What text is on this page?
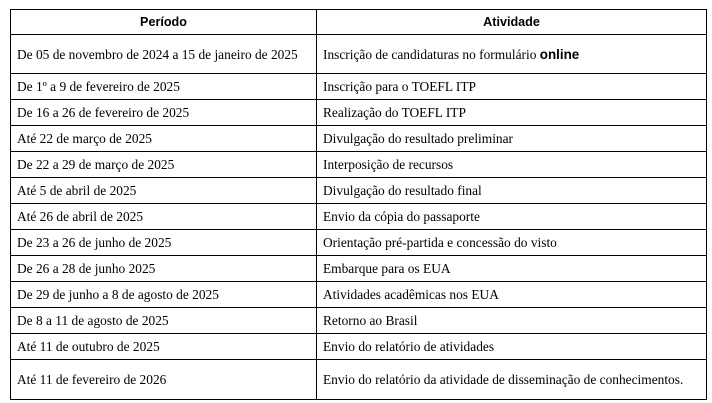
Período	Atividade
De 05 de novembro de 2024 a 15 de janeiro de 2025	Inscrição de candidaturas no formulário online
De 1º a 9 de fevereiro de 2025	Inscrição para o TOEFL ITP
De 16 a 26 de fevereiro de 2025	Realização do TOEFL ITP
Até 22 de março de 2025	Divulgação do resultado preliminar
De 22 a 29 de março de 2025	Interposição de recursos
Até 5 de abril de 2025	Divulgação do resultado final
Até 26 de abril de 2025	Envio da cópia do passaporte
De 23 a 26 de junho de 2025	Orientação pré-partida e concessão do visto
De 26 a 28 de junho 2025	Embarque para os EUA
De 29 de junho a 8 de agosto de 2025	Atividades acadêmicas nos EUA
De 8 a 11 de agosto de 2025	Retorno ao Brasil
Até 11 de outubro de 2025	Envio do relatório de atividades
Até 11 de fevereiro de 2026	Envio do relatório da atividade de disseminação de conhecimentos.
